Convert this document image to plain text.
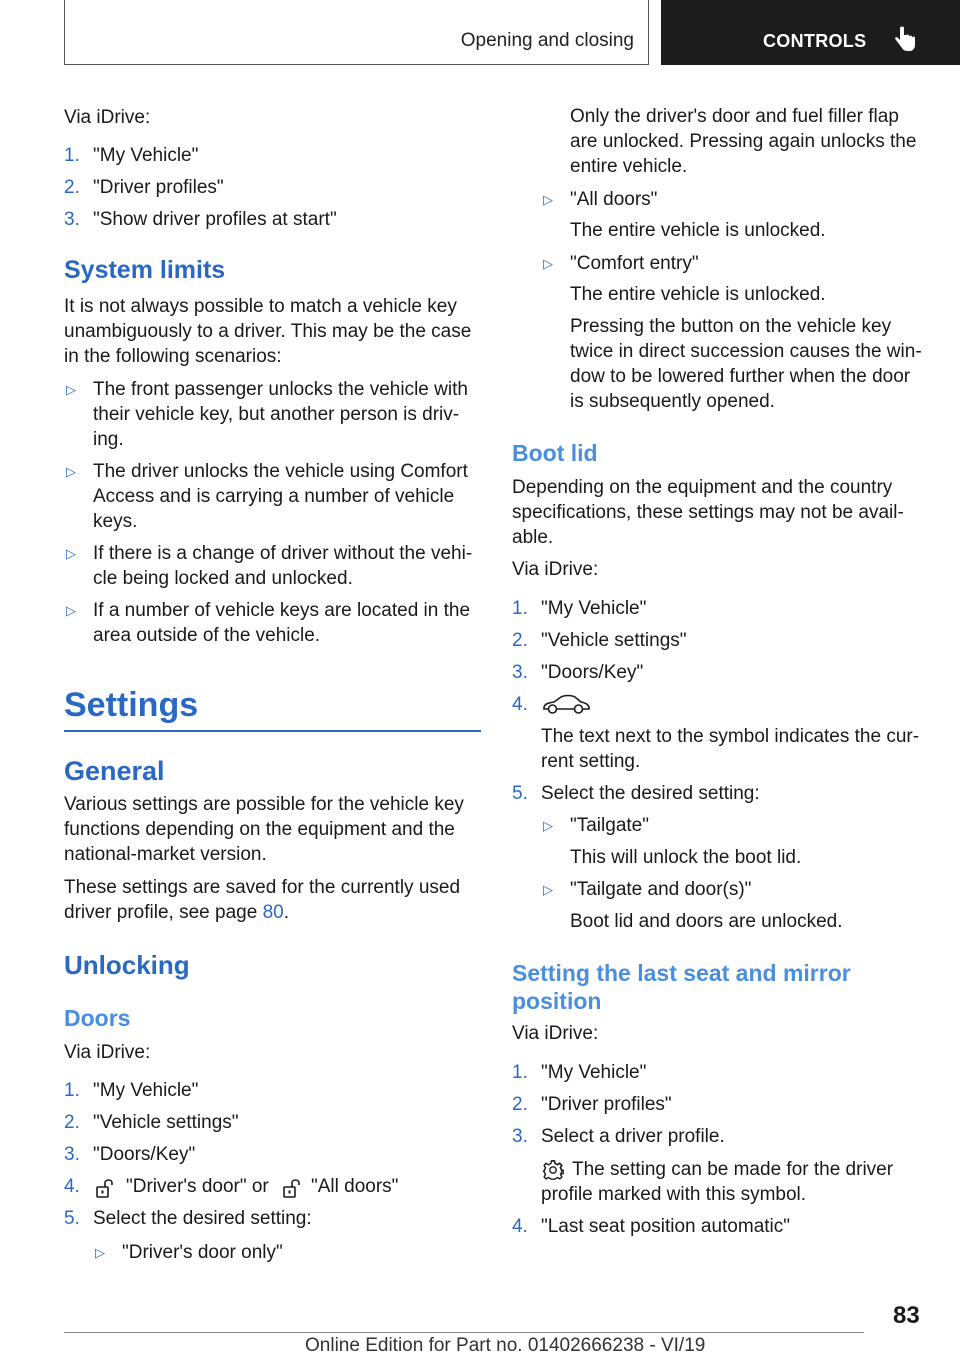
Opening and closing	CONTROLS
Via iDrive:
1. "My Vehicle"
2. "Driver profiles"
3. "Show driver profiles at start"
System limits
It is not always possible to match a vehicle key
unambiguously to a driver. This may be the case
in the following scenarios:
▷ The front passenger unlocks the vehicle with
their vehicle key, but another person is driv-
ing.
▷ The driver unlocks the vehicle using Comfort
Access and is carrying a number of vehicle
keys.
▷ If there is a change of driver without the vehi-
cle being locked and unlocked.
▷ If a number of vehicle keys are located in the
area outside of the vehicle.
Settings
General
Various settings are possible for the vehicle key
functions depending on the equipment and the
national-market version.
These settings are saved for the currently used
driver profile, see page 80.
Unlocking
Doors
Via iDrive:
1. "My Vehicle"
2. "Vehicle settings"
3. "Doors/Key"
4. "Driver's door" or "All doors"
5. Select the desired setting:
▷ "Driver's door only"
Only the driver's door and fuel filler flap
are unlocked. Pressing again unlocks the
entire vehicle.
▷ "All doors"
The entire vehicle is unlocked.
▷ "Comfort entry"
The entire vehicle is unlocked.
Pressing the button on the vehicle key
twice in direct succession causes the win-
dow to be lowered further when the door
is subsequently opened.
Boot lid
Depending on the equipment and the country
specifications, these settings may not be avail-
able.
Via iDrive:
1. "My Vehicle"
2. "Vehicle settings"
3. "Doors/Key"
4.
The text next to the symbol indicates the cur-
rent setting.
5. Select the desired setting:
▷ "Tailgate"
This will unlock the boot lid.
▷ "Tailgate and door(s)"
Boot lid and doors are unlocked.
Setting the last seat and mirror
position
Via iDrive:
1. "My Vehicle"
2. "Driver profiles"
3. Select a driver profile.
The setting can be made for the driver
profile marked with this symbol.
4. "Last seat position automatic"
83
Online Edition for Part no. 01402666238 - VI/19
